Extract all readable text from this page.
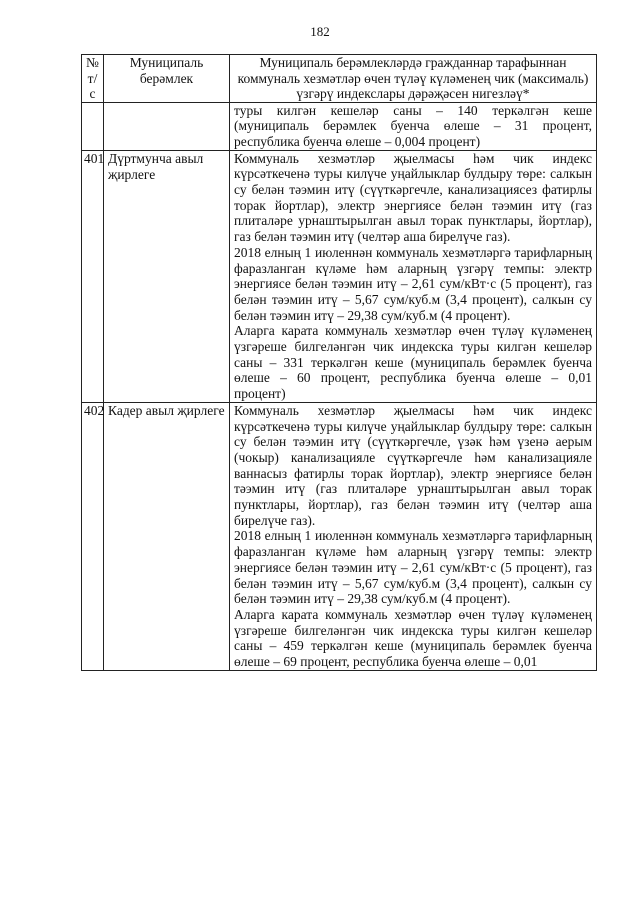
182
№ т/с	Муниципаль берәмлек	Муниципаль берәмлекләрдә гражданнар тарафыннан коммуналь хезмәтләр өчен түләү күләменең чик (максималь) үзгәрү индекслары дәрәҗәсен нигезләү*
		туры килгән кешеләр саны – 140 теркәлгән кеше (муниципаль берәмлек буенча өлеше – 31 процент, республика буенча өлеше – 0,004 процент)
401	Дүртмунча авыл җирлеге	Коммуналь хезмәтләр җыелмасы һәм чик индекс күрсәткеченә туры килүче уңайлыклар булдыру төре: салкын су белән тәэмин итү (сүүткәргечле, канализациясез фатирлы торак йортлар), электр энергиясе белән тәэмин итү (газ плиталәре урнаштырылган авыл торак пунктлары, йортлар), газ белән тәэмин итү (челтәр аша бирелүче газ).

2018 елның 1 июленнән коммуналь хезмәтләргә тарифларның фаразланган күләме һәм аларның үзгәрү темпы: электр энергиясе белән тәэмин итү – 2,61 сум/кВт·с (5 процент), газ белән тәэмин итү – 5,67 сум/куб.м (3,4 процент), салкын су белән тәэмин итү – 29,38 сум/куб.м (4 процент).

Аларга карата коммуналь хезмәтләр өчен түләү күләменең үзгәреше билгеләнгән чик индекска туры килгән кешеләр саны – 331 теркәлгән кеше (муниципаль берәмлек буенча өлеше – 60 процент, республика буенча өлеше – 0,01 процент)

402	Кадер авыл җирлеге	Коммуналь хезмәтләр җыелмасы һәм чик индекс күрсәткеченә туры килүче уңайлыклар булдыру төре: салкын су белән тәэмин итү (сүүткәргечле, үзәк һәм үзенә аерым (чокыр) канализацияле сүүткәргечле һәм канализацияле ваннасыз фатирлы торак йортлар), электр энергиясе белән тәэмин итү (газ плиталәре урнаштырылган авыл торак пунктлары, йортлар), газ белән тәэмин итү (челтәр аша бирелүче газ).

2018 елның 1 июленнән коммуналь хезмәтләргә тарифларның фаразланган күләме һәм аларның үзгәрү темпы: электр энергиясе белән тәэмин итү – 2,61 сум/кВт·с (5 процент), газ белән тәэмин итү – 5,67 сум/куб.м (3,4 процент), салкын су белән тәэмин итү – 29,38 сум/куб.м (4 процент).

Аларга карата коммуналь хезмәтләр өчен түләү күләменең үзгәреше билгеләнгән чик индекска туры килгән кешеләр саны – 459 теркәлгән кеше (муниципаль берәмлек буенча өлеше – 69 процент, республика буенча өлеше – 0,01
